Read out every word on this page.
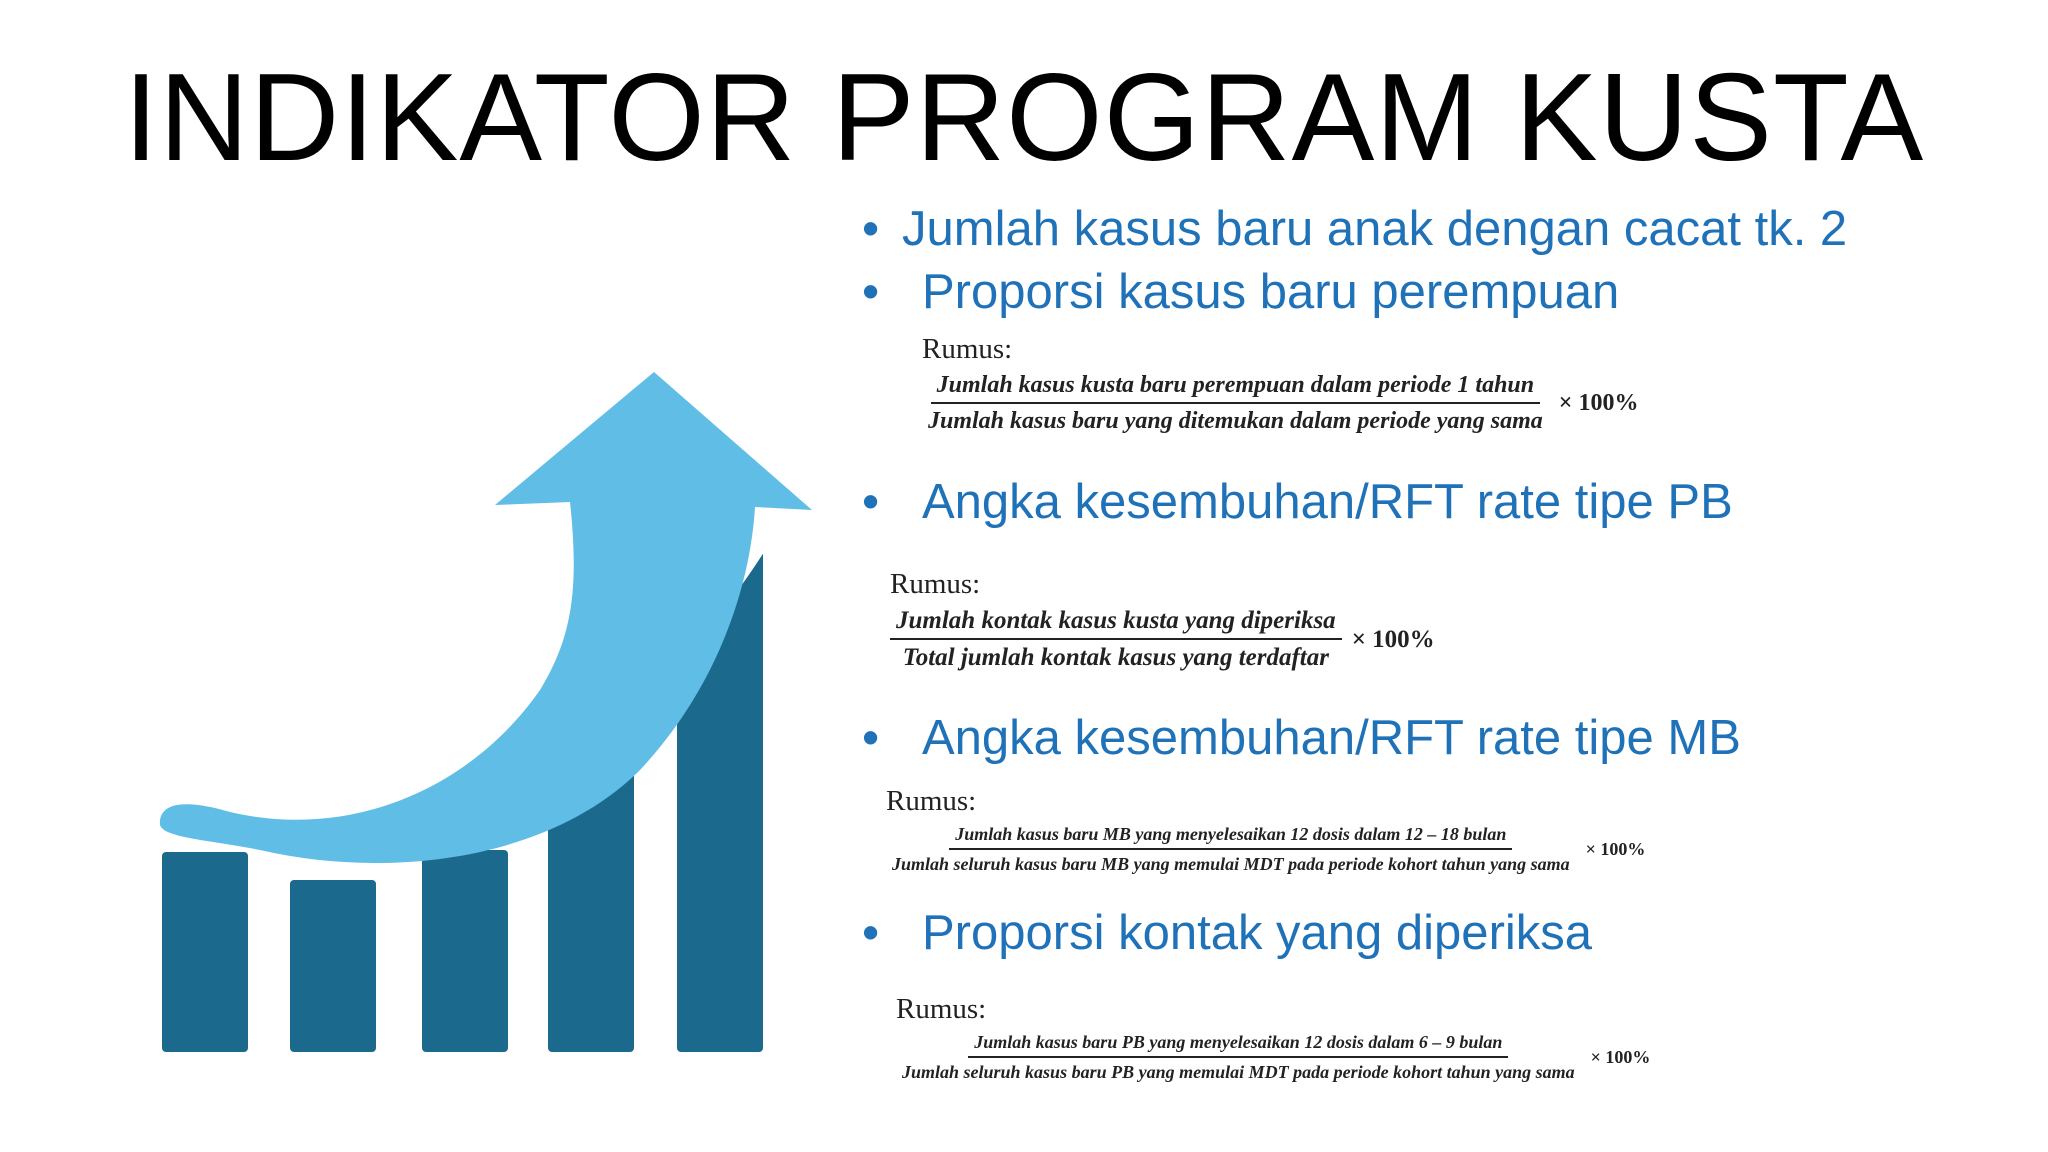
INDIKATOR PROGRAM KUSTA
• Jumlah kasus baru anak dengan cacat tk. 2
• Proporsi kasus baru perempuan
Rumus:
$\frac{\text{Jumlah kasus kusta baru perempuan dalam periode 1 tahun}}{\text{Jumlah kasus baru yang ditemukan dalam periode yang sama}} \times 100\%$
• Angka kesembuhan/RFT rate tipe PB
Rumus:
$\frac{\text{Jumlah kontak kasus kusta yang diperiksa}}{\text{Total jumlah kontak kasus yang terdaftar}} \times 100\%$
• Angka kesembuhan/RFT rate tipe MB
Rumus:
Jumlah kasus baru MB yang menyelesaikan 12 dosis dalam 12 – 18 bulan
Jumlah seluruh kasus baru MB yang memulai MDT pada periode kohort tahun yang sama
× 100%
• Proporsi kontak yang diperiksa
Rumus:
Jumlah kasus baru PB yang menyelesaikan 12 dosis dalam 6 – 9 bulan
Jumlah seluruh kasus baru PB yang memulai MDT pada periode kohort tahun yang sama
× 100%
